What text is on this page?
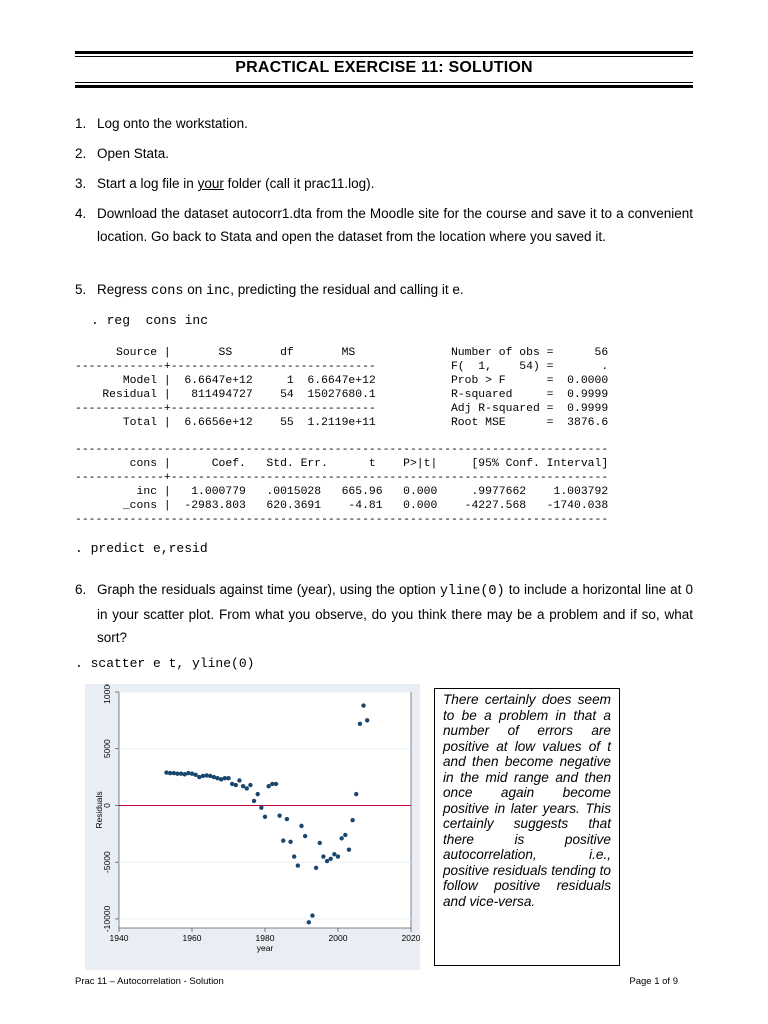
PRACTICAL EXERCISE 11: SOLUTION
1. Log onto the workstation.
2. Open Stata.
3. Start a log file in your folder (call it prac11.log).
4. Download the dataset autocorr1.dta from the Moodle site for the course and save it to a convenient location. Go back to Stata and open the dataset from the location where you saved it.
5. Regress cons on inc, predicting the residual and calling it e.
. reg  cons inc
Source |       SS       df       MS              Number of obs =      56
-------------+------------------------------           F(  1,    54) =       .
Model |  6.6647e+12     1  6.6647e+12           Prob > F      =  0.0000
Residual |   811494727    54  15027680.1           R-squared     =  0.9999
-------------+------------------------------           Adj R-squared =  0.9999
Total |  6.6656e+12    55  1.2119e+11           Root MSE      =  3876.6

------------------------------------------------------------------------------
cons |      Coef.   Std. Err.      t    P>|t|     [95% Conf. Interval]
-------------+----------------------------------------------------------------
inc |   1.000779   .0015028   665.96   0.000     .9977662    1.003792
_cons |  -2983.803   620.3691    -4.81   0.000    -4227.568   -1740.038
------------------------------------------------------------------------------
. predict e,resid
6. Graph the residuals against time (year), using the option yline(0) to include a horizontal line at 0 in your scatter plot. From what you observe, do you think there may be a problem and if so, what sort?
. scatter e t, yline(0)
-10000
-5000
0
5000
10000
1940	1960	1980	2000	2020
year
Residuals
There certainly does seem to be a problem in that a number of errors are positive at low values of t and then become negative in the mid range and then once again become positive in later years. This certainly suggests that there is positive autocorrelation, i.e., positive residuals tending to follow positive residuals and vice-versa.
Prac 11 – Autocorrelation - Solution	Page 1 of 9
